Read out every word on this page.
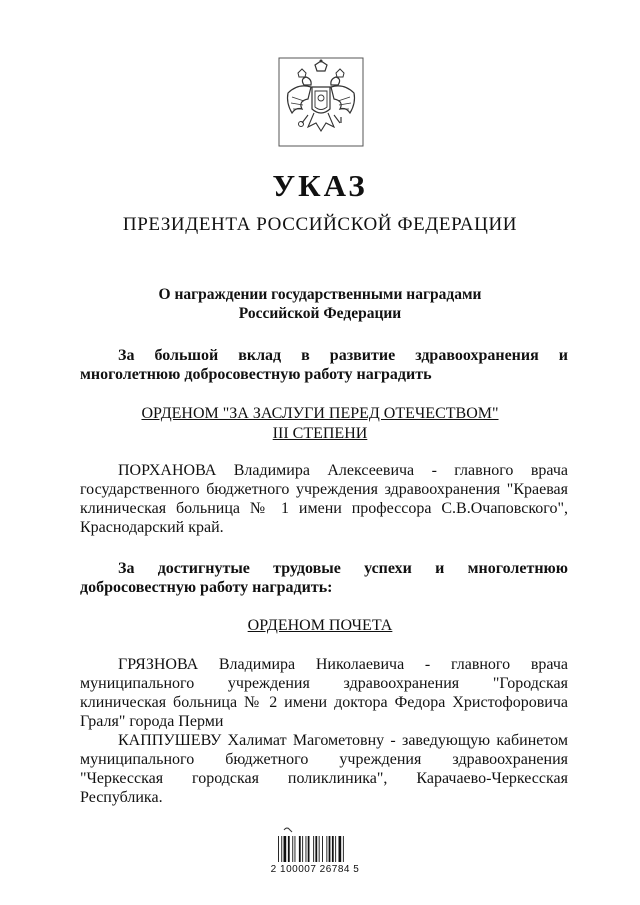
УКАЗ
ПРЕЗИДЕНТА РОССИЙСКОЙ ФЕДЕРАЦИИ
О награждении государственными наградами
Российской Федерации
За большой вклад в развитие здравоохранения и
многолетнюю добросовестную работу наградить
ОРДЕНОМ "ЗА ЗАСЛУГИ ПЕРЕД ОТЕЧЕСТВОМ"
III СТЕПЕНИ
ПОРХАНОВА Владимира Алексеевича - главного врача государственного бюджетного учреждения здравоохранения "Краевая клиническая больница № 1 имени профессора С.В.Очаповского", Краснодарский край.
За достигнутые трудовые успехи и многолетнюю
добросовестную работу наградить:
ОРДЕНОМ ПОЧЕТА
ГРЯЗНОВА Владимира Николаевича - главного врача муниципального учреждения здравоохранения "Городская клиническая больница № 2 имени доктора Федора Христофоровича Граля" города Перми
КАППУШЕВУ Халимат Магометовну - заведующую кабинетом муниципального бюджетного учреждения здравоохранения "Черкесская городская поликлиника", Карачаево-Черкесская Республика.
2 100007 26784 5
